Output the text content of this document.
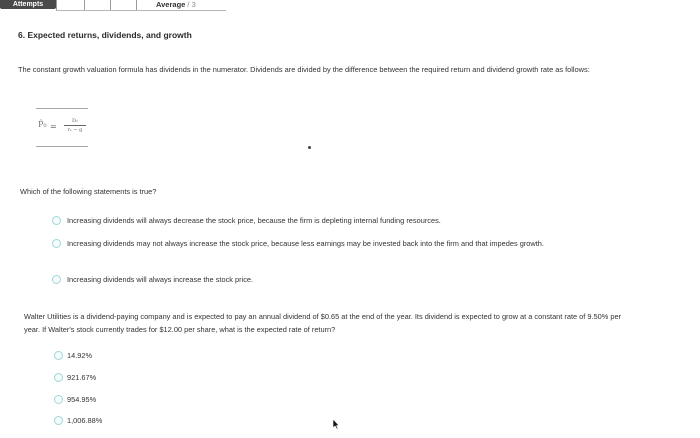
Attempts	Average / 3
6. Expected returns, dividends, and growth
The constant growth valuation formula has dividends in the numerator. Dividends are divided by the difference between the required return and dividend growth rate as follows:
P̂₀ =
D₁
rₛ − g
Which of the following statements is true?
Increasing dividends will always decrease the stock price, because the firm is depleting internal funding resources.
Increasing dividends may not always increase the stock price, because less earnings may be invested back into the firm and that impedes growth.
Increasing dividends will always increase the stock price.
Walter Utilities is a dividend-paying company and is expected to pay an annual dividend of $0.65 at the end of the year. Its dividend is expected to grow at a constant rate of 9.50% per year. If Walter's stock currently trades for $12.00 per share, what is the expected rate of return?
14.92%
921.67%
954.95%
1,006.88%
